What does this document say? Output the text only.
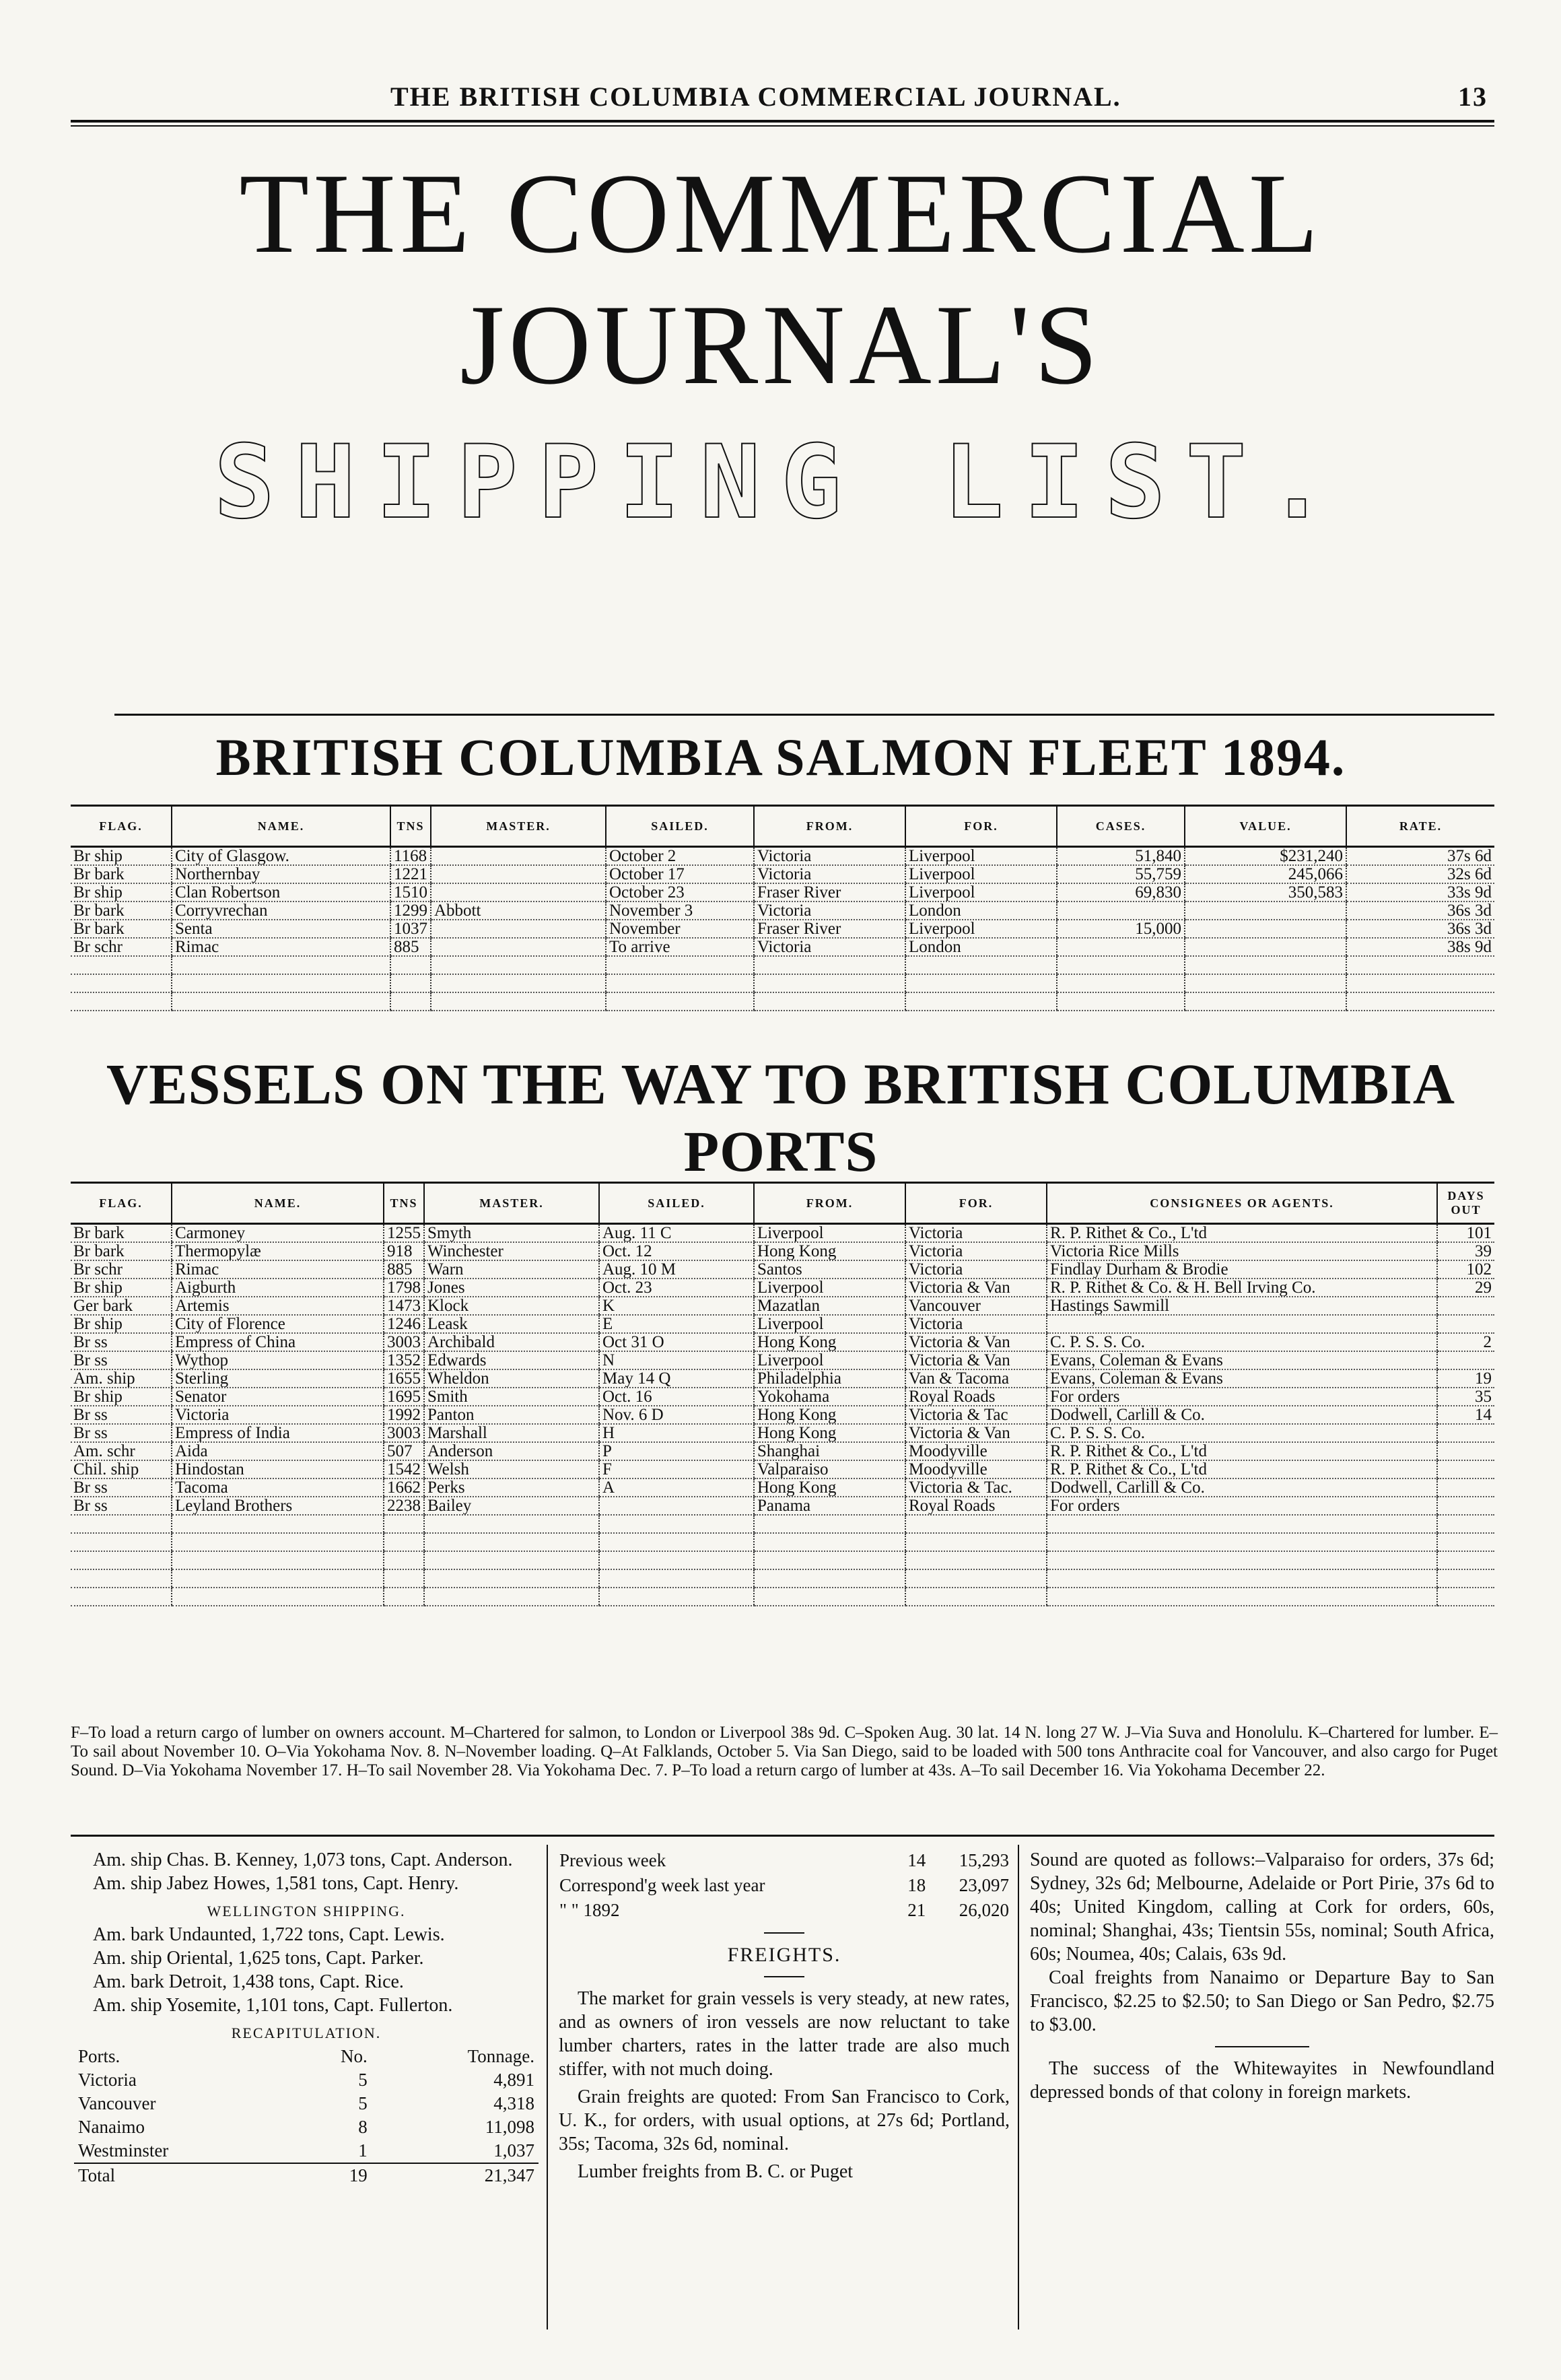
THE BRITISH COLUMBIA COMMERCIAL JOURNAL.	13
THE COMMERCIAL JOURNAL'S
SHIPPING LIST.
BRITISH COLUMBIA SALMON FLEET 1894.
FLAG.	NAME.	TNS	MASTER.	SAILED.	FROM.	FOR.	CASES.	VALUE.	RATE.
Br ship	City of Glasgow.	1168		October 2	Victoria	Liverpool	51,840	$231,240	37s 6d
Br bark	Northernbay	1221		October 17	Victoria	Liverpool	55,759	245,066	32s 6d
Br ship	Clan Robertson	1510		October 23	Fraser River	Liverpool	69,830	350,583	33s 9d
Br bark	Corryvrechan	1299	Abbott	November 3	Victoria	London			36s 3d
Br bark	Senta	1037		November	Fraser River	Liverpool	15,000		36s 3d
Br schr	Rimac	885		To arrive	Victoria	London			38s 9d

VESSELS ON THE WAY TO BRITISH COLUMBIA PORTS
FLAG.	NAME.	TNS	MASTER.	SAILED.	FROM.	FOR.	CONSIGNEES OR AGENTS.	DAYS OUT
Br bark	Carmoney	1255	Smyth	Aug. 11 C	Liverpool	Victoria	R. P. Rithet & Co., L'td	101
Br bark	Thermopylæ	918	Winchester	Oct. 12	Hong Kong	Victoria	Victoria Rice Mills	39
Br schr	Rimac	885	Warn	Aug. 10 M	Santos	Victoria	Findlay Durham & Brodie	102
Br ship	Aigburth	1798	Jones	Oct. 23	Liverpool	Victoria & Van	R. P. Rithet & Co. & H. Bell Irving Co.	29
Ger bark	Artemis	1473	Klock	K	Mazatlan	Vancouver	Hastings Sawmill	
Br ship	City of Florence	1246	Leask	E	Liverpool	Victoria		
Br ss	Empress of China	3003	Archibald	Oct 31 O	Hong Kong	Victoria & Van	C. P. S. S. Co.	2
Br ss	Wythop	1352	Edwards	N	Liverpool	Victoria & Van	Evans, Coleman & Evans	
Am. ship	Sterling	1655	Wheldon	May 14 Q	Philadelphia	Van & Tacoma	Evans, Coleman & Evans	19
Br ship	Senator	1695	Smith	Oct. 16	Yokohama	Royal Roads	For orders	35
Br ss	Victoria	1992	Panton	Nov. 6 D	Hong Kong	Victoria & Tac	Dodwell, Carlill & Co.	14
Br ss	Empress of India	3003	Marshall	H	Hong Kong	Victoria & Van	C. P. S. S. Co.	
Am. schr	Aida	507	Anderson	P	Shanghai	Moodyville	R. P. Rithet & Co., L'td	
Chil. ship	Hindostan	1542	Welsh	F	Valparaiso	Moodyville	R. P. Rithet & Co., L'td	
Br ss	Tacoma	1662	Perks	A	Hong Kong	Victoria & Tac.	Dodwell, Carlill & Co.	
Br ss	Leyland Brothers	2238	Bailey		Panama	Royal Roads	For orders	

F–To load a return cargo of lumber on owners account. M–Chartered for salmon, to London or Liverpool 38s 9d. C–Spoken Aug. 30 lat. 14 N. long 27 W. J–Via Suva and Honolulu. K–Chartered for lumber. E–To sail about November 10. O–Via Yokohama Nov. 8. N–November loading. Q–At Falklands, October 5. Via San Diego, said to be loaded with 500 tons Anthracite coal for Vancouver, and also cargo for Puget Sound. D–Via Yokohama November 17. H–To sail November 28. Via Yokohama Dec. 7. P–To load a return cargo of lumber at 43s. A–To sail December 16. Via Yokohama December 22.
Am. ship Chas. B. Kenney, 1,073 tons, Capt. Anderson.
Am. ship Jabez Howes, 1,581 tons, Capt. Henry.
WELLINGTON SHIPPING.
Am. bark Undaunted, 1,722 tons, Capt. Lewis.
Am. ship Oriental, 1,625 tons, Capt. Parker.
Am. bark Detroit, 1,438 tons, Capt. Rice.
Am. ship Yosemite, 1,101 tons, Capt. Fullerton.
RECAPITULATION.
Ports.	No.	Tonnage.
Victoria	5	4,891
Vancouver	5	4,318
Nanaimo	8	11,098
Westminster	1	1,037
Total	19	21,347
Previous week	14	15,293
Correspond'g week last year	18	23,097
" " 1892	21	26,020
FREIGHTS.
The market for grain vessels is very steady, at new rates, and as owners of iron vessels are now reluctant to take lumber charters, rates in the latter trade are also much stiffer, with not much doing.
Grain freights are quoted: From San Francisco to Cork, U. K., for orders, with usual options, at 27s 6d; Portland, 35s; Tacoma, 32s 6d, nominal.
Lumber freights from B. C. or Puget
Sound are quoted as follows:–Valparaiso for orders, 37s 6d; Sydney, 32s 6d; Melbourne, Adelaide or Port Pirie, 37s 6d to 40s; United Kingdom, calling at Cork for orders, 60s, nominal; Shanghai, 43s; Tientsin 55s, nominal; South Africa, 60s; Noumea, 40s; Calais, 63s 9d.
Coal freights from Nanaimo or Departure Bay to San Francisco, $2.25 to $2.50; to San Diego or San Pedro, $2.75 to $3.00.
The success of the Whitewayites in Newfoundland depressed bonds of that colony in foreign markets.
